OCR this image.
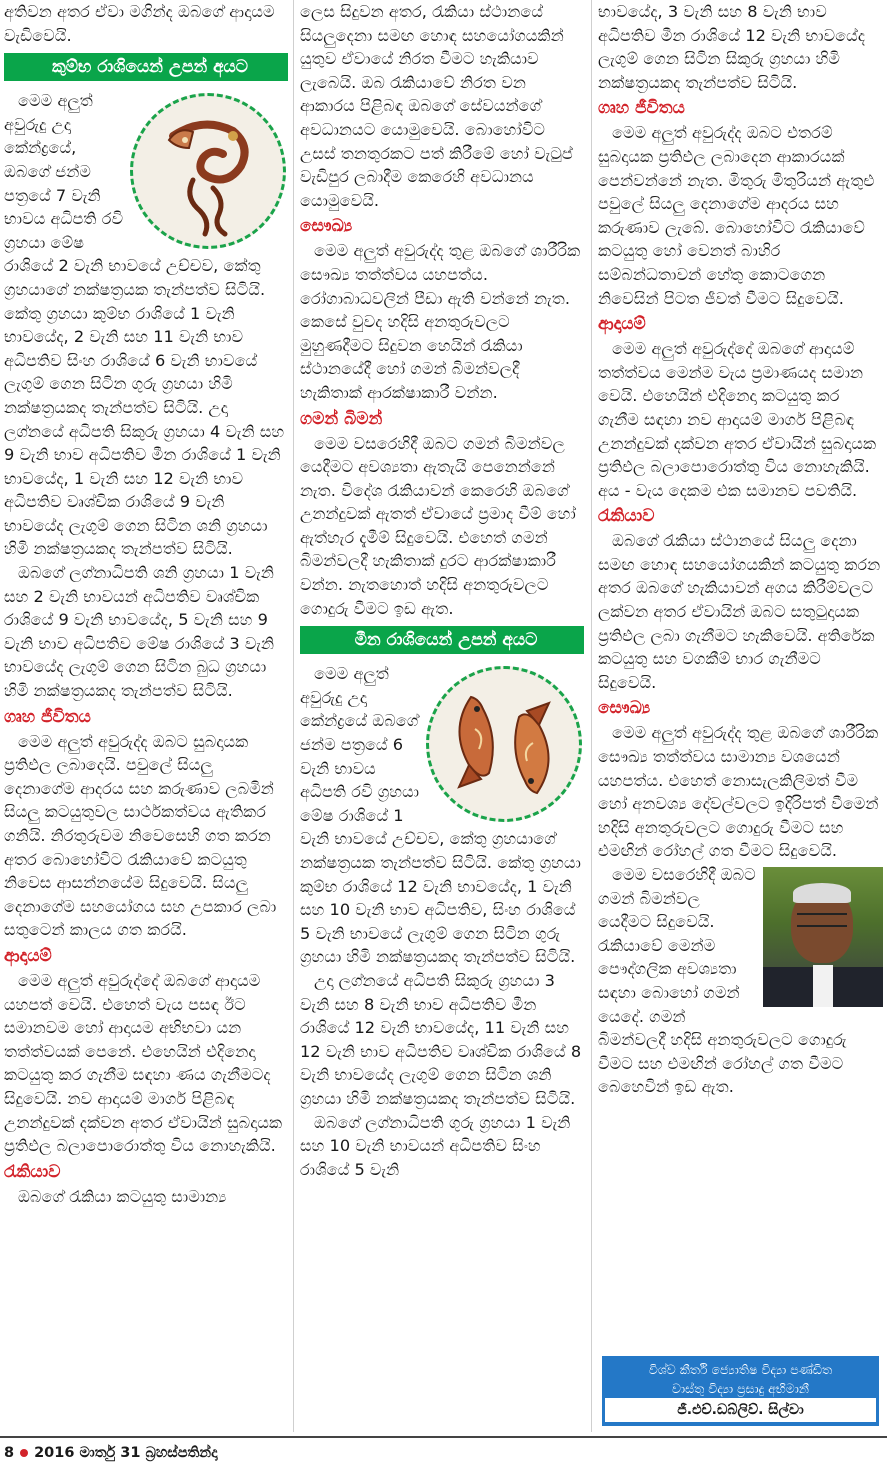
අතිවන අතර ඒවා මගින්ද ඔබගේ ආදායම වැඩිවෙයි.

කුම්භ රාශියෙන් උපන් අයට

මෙම අලුත් අවුරුදු උදා කේන්ද්‍රයේ, ඔබගේ ජන්ම පත්‍රයේ 7 වැනි භාවය අධිපති රවි ග්‍රහයා මේෂ රාශියේ 2 වැනි භාවයේ උච්චව, කේතු ග්‍රහයාගේ නක්ෂත්‍රයක තැන්පත්ව සිටියි. කේතු ග්‍රහයා කුම්භ රාශියේ 1 වැනි භාවයේද, 2 වැනි සහ 11 වැනි භාව අධිපතිව සිංහ රාශියේ 6 වැනි භාවයේ ලැගුම් ගෙන සිටින ගුරු ග්‍රහයා හිමි නක්ෂත්‍රයකද තැන්පත්ව සිටියි. උදා ලග්නයේ අධිපති සිකුරු ග්‍රහයා 4 වැනි සහ 9 වැනි භාව අධිපතිව මීන රාශියේ 1 වැනි භාවයේද, 1 වැනි සහ 12 වැනි භාව අධිපතිව වෘශ්චික රාශියේ 9 වැනි භාවයේද ලැගුම් ගෙන සිටින ශනි ග්‍රහයා හිමි නක්ෂත්‍රයකද තැන්පත්ව සිටියි.

ඔබගේ ලග්නාධිපති ශනි ග්‍රහයා 1 වැනි සහ 2 වැනි භාවයන් අධිපතිව වෘශ්චික රාශියේ 9 වැනි භාවයේද, 5 වැනි සහ 9 වැනි භාව අධිපතිව මේෂ රාශියේ 3 වැනි භාවයේද ලැගුම් ගෙන සිටින බුධ ග්‍රහයා හිමි නක්ෂත්‍රයකද තැන්පත්ව සිටියි.

ගෘහ ජීවිතය

මෙම අලුත් අවුරුද්ද ඔබට සුබදායක ප්‍රතිඵල ලබාදෙයි. පවුලේ සියලු දෙනාගේම ආදරය සහ කරුණාව ලබමින් සියලු කටයුතුවල සාර්ථකත්වය ඇතිකර ගනියි. නිරතුරුවම නිවෙසෙහි ගත කරන අතර බොහෝවිට රැකියාවේ කටයුතු නිවෙස ආසන්නයේම සිදුවෙයි. සියලු දෙනාගේම සහයෝගය සහ උපකාර ලබා සතුටෙන් කාලය ගත කරයි.

ආදායම්

මෙම අලුත් අවුරුද්දේ ඔබගේ ආදායම යහපත් වෙයි. එහෙත් වැය පසඳ ඊට සමානවම හෝ ආදායම අභිභවා යන තත්ත්වයක් පෙනේ. එහෙයින් එදිනෙදා කටයුතු කර ගැනීම සඳහා ණය ගැනීමටද සිදුවෙයි. නව ආදායම් මාර්ග පිළිබඳ උනන්දුවක් දක්වන අතර ඒවායින් සුබදායක ප්‍රතිඵල බලාපොරොත්තු විය නොහැකියි.

රැකියාව

ඔබගේ රැකියා කටයුතු සාමාන්‍ය

ලෙස සිදුවන අතර, රැකියා ස්ථානයේ සියලුදෙනා සමඟ හොඳ සහයෝගයකින් යුතුව ඒවායේ නිරත වීමට හැකියාව ලැබෙයි. ඔබ රැකියාවේ නිරත වන ආකාරය පිළිබඳ ඔබගේ සේවයන්ගේ අවධානයට යොමුවෙයි. බොහෝවිට උසස් තනතුරකට පත් කිරීමේ හෝ වැටුප් වැඩිපුර ලබාදීම කෙරෙහි අවධානය යොමුවෙයි.

සෞඛ්‍ය

මෙම අලුත් අවුරුද්ද තුළ ඔබගේ ශාරීරික සෞඛ්‍ය තත්ත්වය යහපත්ය. රෝගාබාධවලින් පීඩා ඇති වන්නේ නැත. කෙසේ වුවද හදිසි අනතුරුවලට මුහුණදීමට සිදුවන හෙයින් රැකියා ස්ථානයේදී හෝ ගමන් බිමන්වලදී හැකිතාක් ආරක්ෂාකාරී වන්න.

ගමන් බිමන්

මෙම වසරෙහිදී ඔබට ගමන් බිමන්වල යෙදීමට අවශ්‍යතා ඇතැයි පෙනෙන්නේ නැත. විදේශ රැකියාවන් කෙරෙහි ඔබගේ උනන්දුවක් ඇතත් ඒවායේ ප්‍රමාද වීම් හෝ ඇත්හැර දැමීම් සිදුවෙයි. එහෙත් ගමන් බිමන්වලදී හැකිතාක් දුරට ආරක්ෂාකාරී වන්න. නැතහොත් හදිසි අනතුරුවලට ගොදුරු වීමට ඉඩ ඇත.

මීන රාශියෙන් උපන් අයට

මෙම අලුත් අවුරුදු උදා කේන්ද්‍රයේ ඔබගේ ජන්ම පත්‍රයේ 6 වැනි භාවය අධිපති රවි ග්‍රහයා මේෂ රාශියේ 1 වැනි භාවයේ උච්චව, කේතු ග්‍රහයාගේ නක්ෂත්‍රයක තැන්පත්ව සිටියි. කේතු ග්‍රහයා කුම්භ රාශියේ 12 වැනි භාවයේද, 1 වැනි සහ 10 වැනි භාව අධිපතිව, සිංහ රාශියේ 5 වැනි භාවයේ ලැගුම් ගෙන සිටින ගුරු ග්‍රහයා හිමි නක්ෂත්‍රයකද තැන්පත්ව සිටියි.

උදා ලග්නයේ අධිපති සිකුරු ග්‍රහයා 3 වැනි සහ 8 වැනි භාව අධිපතිව මීන රාශියේ 12 වැනි භාවයේද, 11 වැනි සහ 12 වැනි භාව අධිපතිව වෘශ්චික රාශියේ 8 වැනි භාවයේද ලැගුම් ගෙන සිටින ශනි ග්‍රහයා හිමි නක්ෂත්‍රයකද තැන්පත්ව සිටියි.

ඔබගේ ලග්නාධිපති ගුරු ග්‍රහයා 1 වැනි සහ 10 වැනි භාවයන් අධිපතිව සිංහ රාශියේ 5 වැනි

භාවයේද, 3 වැනි සහ 8 වැනි භාව අධිපතිව මීන රාශියේ 12 වැනි භාවයේද ලැගුම් ගෙන සිටින සිකුරු ග්‍රහයා හිමි නක්ෂත්‍රයකද තැන්පත්ව සිටියි.

ගෘහ ජීවිතය

මෙම අලුත් අවුරුද්ද ඔබට එතරම් සුබදායක ප්‍රතිඵල ලබාදෙන ආකාරයක් පෙන්වන්නේ නැත. මිතුරු මිතුරියන් ඇතුළු පවුලේ සියලු දෙනාගේම ආදරය සහ කරුණාව ලැබේ. බොහෝවිට රැකියාවේ කටයුතු හෝ වෙනත් බාහිර සම්බන්ධතාවන් හේතු කොටගෙන නිවෙසින් පිටත ජීවත් වීමට සිදුවෙයි.

ආදායම්

මෙම අලුත් අවුරුද්දේ ඔබගේ ආදායම් තත්ත්වය මෙන්ම වැය ප්‍රමාණයද සමාන වෙයි. එහෙයින් එදිනෙදා කටයුතු කර ගැනීම සඳහා නව ආදායම් මාර්ග පිළිබඳ උනන්දුවක් දක්වන අතර ඒවායින් සුබදායක ප්‍රතිඵල බලාපොරොත්තු විය නොහැකියි. අය - වැය දෙකම එක සමානව පවතියි.

රැකියාව

ඔබගේ රැකියා ස්ථානයේ සියලු දෙනා සමඟ හොඳ සහයෝගයකින් කටයුතු කරන අතර ඔබගේ හැකියාවන් අගය කිරීම්වලට ලක්වන අතර ඒවායින් ඔබට සතුටුදායක ප්‍රතිඵල ලබා ගැනීමට හැකිවෙයි. අතිරේක කටයුතු සහ වගකීම් භාර ගැනීමට සිදුවෙයි.

සෞඛ්‍ය

මෙම අලුත් අවුරුද්ද තුළ ඔබගේ ශාරීරික සෞඛ්‍ය තත්ත්වය සාමාන්‍ය වශයෙන් යහපත්ය. එහෙත් නොසැලකිලිමත් වීම හෝ අනවශ්‍ය දේවල්වලට ඉදිරිපත් වීමෙන් හදිසි අනතුරුවලට ගොදුරු වීමට සහ එමඟින් රෝහල් ගත වීමට සිදුවෙයි.

මෙම වසරෙහිදී ඔබට ගමන් බිමන්වල යෙදීමට සිදුවෙයි. රැකියාවේ මෙන්ම පෞද්ගලික අවශ්‍යතා සඳහා බොහෝ ගමන් යෙදේ. ගමන් බිමන්වලදී හදිසි අනතුරුවලට ගොදුරු වීමට සහ එමඟින් රෝහල් ගත වීමට බෙහෙවින් ඉඩ ඇත.

විශ්ව කීර්ති ජ්‍යොතිෂ විද්‍යා පණ්ඩිත
වාස්තු විද්‍යා ප්‍රසාදු අභිමානී
ජී.එච්.ඩබ්ලිව්. සිල්වා
8 2016 මාර්තු 31 බ්‍රහස්පතින්දා
